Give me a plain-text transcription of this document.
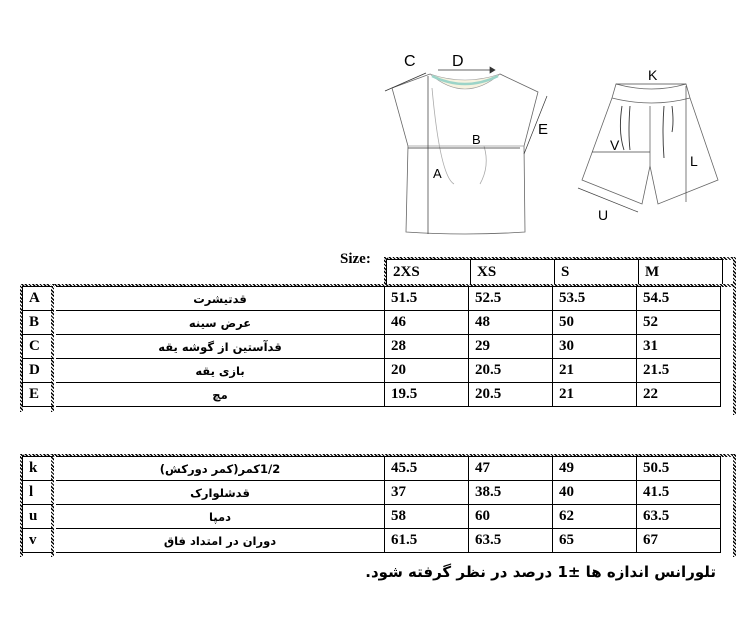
C D
E
B
A
K
V
L
U
Size:
2XS	XS	S	M
A	قدتیشرت	51.5	52.5	53.5	54.5
B	عرض سینه	46	48	50	52
C	قدآستین از گوشه یقه	28	29	30	31
D	بازی یقه	20	20.5	21	21.5
E	مچ	19.5	20.5	21	22
k	1/2کمر(کمر دورکش)	45.5	47	49	50.5
l	قدشلوارک	37	38.5	40	41.5
u	دمپا	58	60	62	63.5
v	دوران در امتداد فاق	61.5	63.5	65	67
تلورانس اندازه ها ±1 درصد در نظر گرفته شود.
